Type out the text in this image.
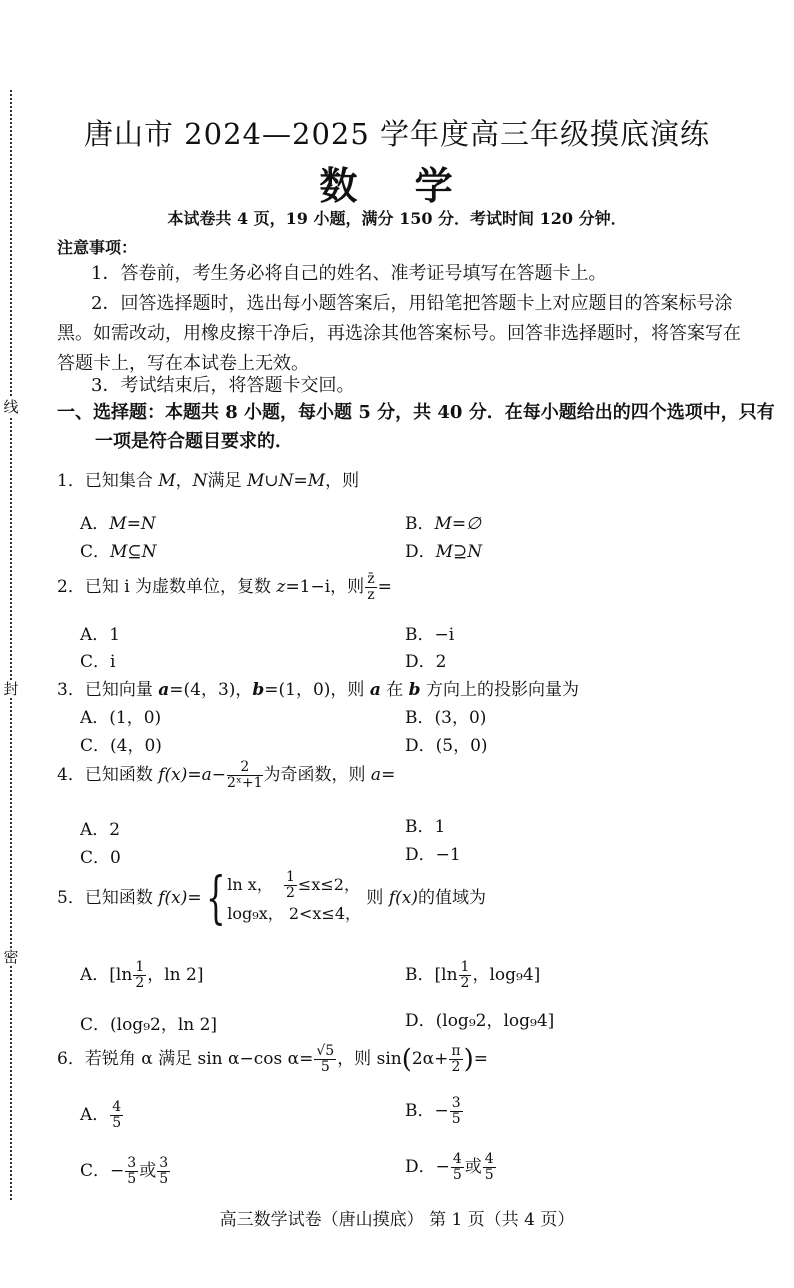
线
封
密
唐山市 2024—2025 学年度高三年级摸底演练
数 学
本试卷共 4 页，19 小题，满分 150 分．考试时间 120 分钟．
注意事项：
1．答卷前，考生务必将自己的姓名、准考证号填写在答题卡上。
2．回答选择题时，选出每小题答案后，用铅笔把答题卡上对应题目的答案标号涂黑。如需改动，用橡皮擦干净后，再选涂其他答案标号。回答非选择题时，将答案写在答题卡上，写在本试卷上无效。
3．考试结束后，将答题卡交回。
一、选择题：本题共 8 小题，每小题 5 分，共 40 分．在每小题给出的四个选项中，只有一项是符合题目要求的．
1．已知集合 M，N满足 M∪N=M，则
A．M=N	B．M=∅
C．M⊆N	D．M⊇N
2．已知 i 为虚数单位，复数 z=1−i，则 $\frac{z̄}{z}$ =
A．1	B．−i
C．i	D．2
3．已知向量 a=(4，3)，b=(1，0)，则 a 在 b 方向上的投影向量为
A．(1，0)	B．(3，0)
C．(4，0)	D．(5，0)
4．已知函数 $f(x)=a- \frac{2}{\text{2ˣ+1}}$ 为奇函数，则 a=
A．2	B．1
C．0	D．−1
5．已知函数 f(x)={ ln x， $\frac{1}{2} \le x\le 2$，
log₉x， 2<x≤4，
则 f(x)的值域为
A．[$\ln \frac{1}{2}$ ，ln 2]	B．[$\ln \frac{1}{2}$ ，log₉4]
C．(log₉2，ln 2]	D．(log₉2，log₉4]
6．若锐角 α 满足 sin α−cos $\alpha= \frac{√5}{5}$ ，则 $\sin(2\alpha+ \frac{\pi}{2}$ )=
A． $\frac{4}{5}$	B．− $\frac{3}{5}$
C．− $\frac{3}{5}$ 或 $\frac{3}{5}$	D．− $\frac{4}{5}$ 或 $\frac{4}{5}$
高三数学试卷（唐山摸底） 第 1 页（共 4 页）
